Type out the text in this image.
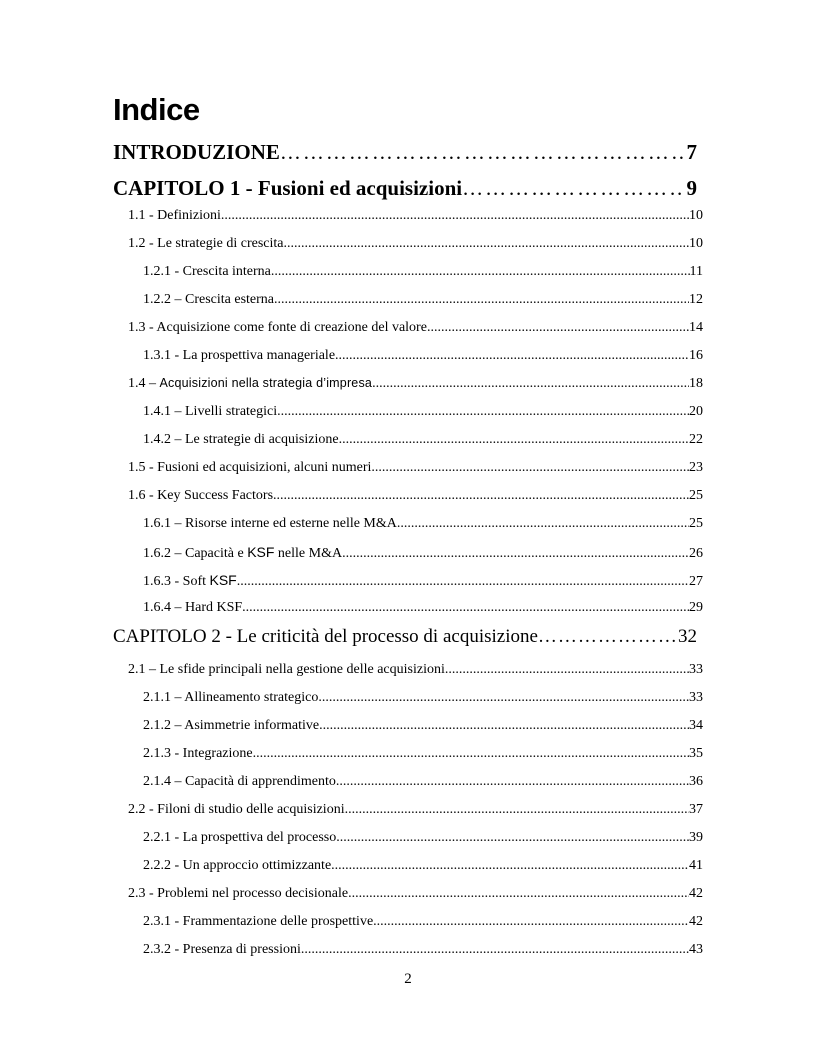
Indice
INTRODUZIONE ……………………………………………………………………………………………………………………………	7
CAPITOLO 1 - Fusioni ed acquisizioni ……………………………………………………………………………………………………………………………	9
1.1 - Definizioni .....	10
1.2 - Le strategie di crescita .....	10
1.2.1 - Crescita interna .....	11
1.2.2 – Crescita esterna .....	12
1.3 - Acquisizione come fonte di creazione del valore .....	14
1.3.1 - La prospettiva manageriale .....	16
1.4 – Acquisizioni nella strategia d’impresa .....	18
1.4.1 – Livelli strategici .....	20
1.4.2 – Le strategie di acquisizione .....	22
1.5 - Fusioni ed acquisizioni, alcuni numeri .....	23
1.6 - Key Success Factors .....	25
1.6.1 – Risorse interne ed esterne nelle M&A .....	25
1.6.2 – Capacità e KSF nelle M&A .....	26
1.6.3 - Soft KSF .....	27
1.6.4 – Hard KSF .....	29
CAPITOLO 2 - Le criticità del processo di acquisizione ……………………………………………………………………………………………………………………………	32
2.1 – Le sfide principali nella gestione delle acquisizioni .....	33
2.1.1 – Allineamento strategico .....	33
2.1.2 – Asimmetrie informative .....	34
2.1.3 - Integrazione .....	35
2.1.4 – Capacità di apprendimento .....	36
2.2 - Filoni di studio delle acquisizioni .....	37
2.2.1 - La prospettiva del processo .....	39
2.2.2 - Un approccio ottimizzante .....	41
2.3 - Problemi nel processo decisionale .....	42
2.3.1 - Frammentazione delle prospettive .....	42
2.3.2 - Presenza di pressioni .....	43
2
